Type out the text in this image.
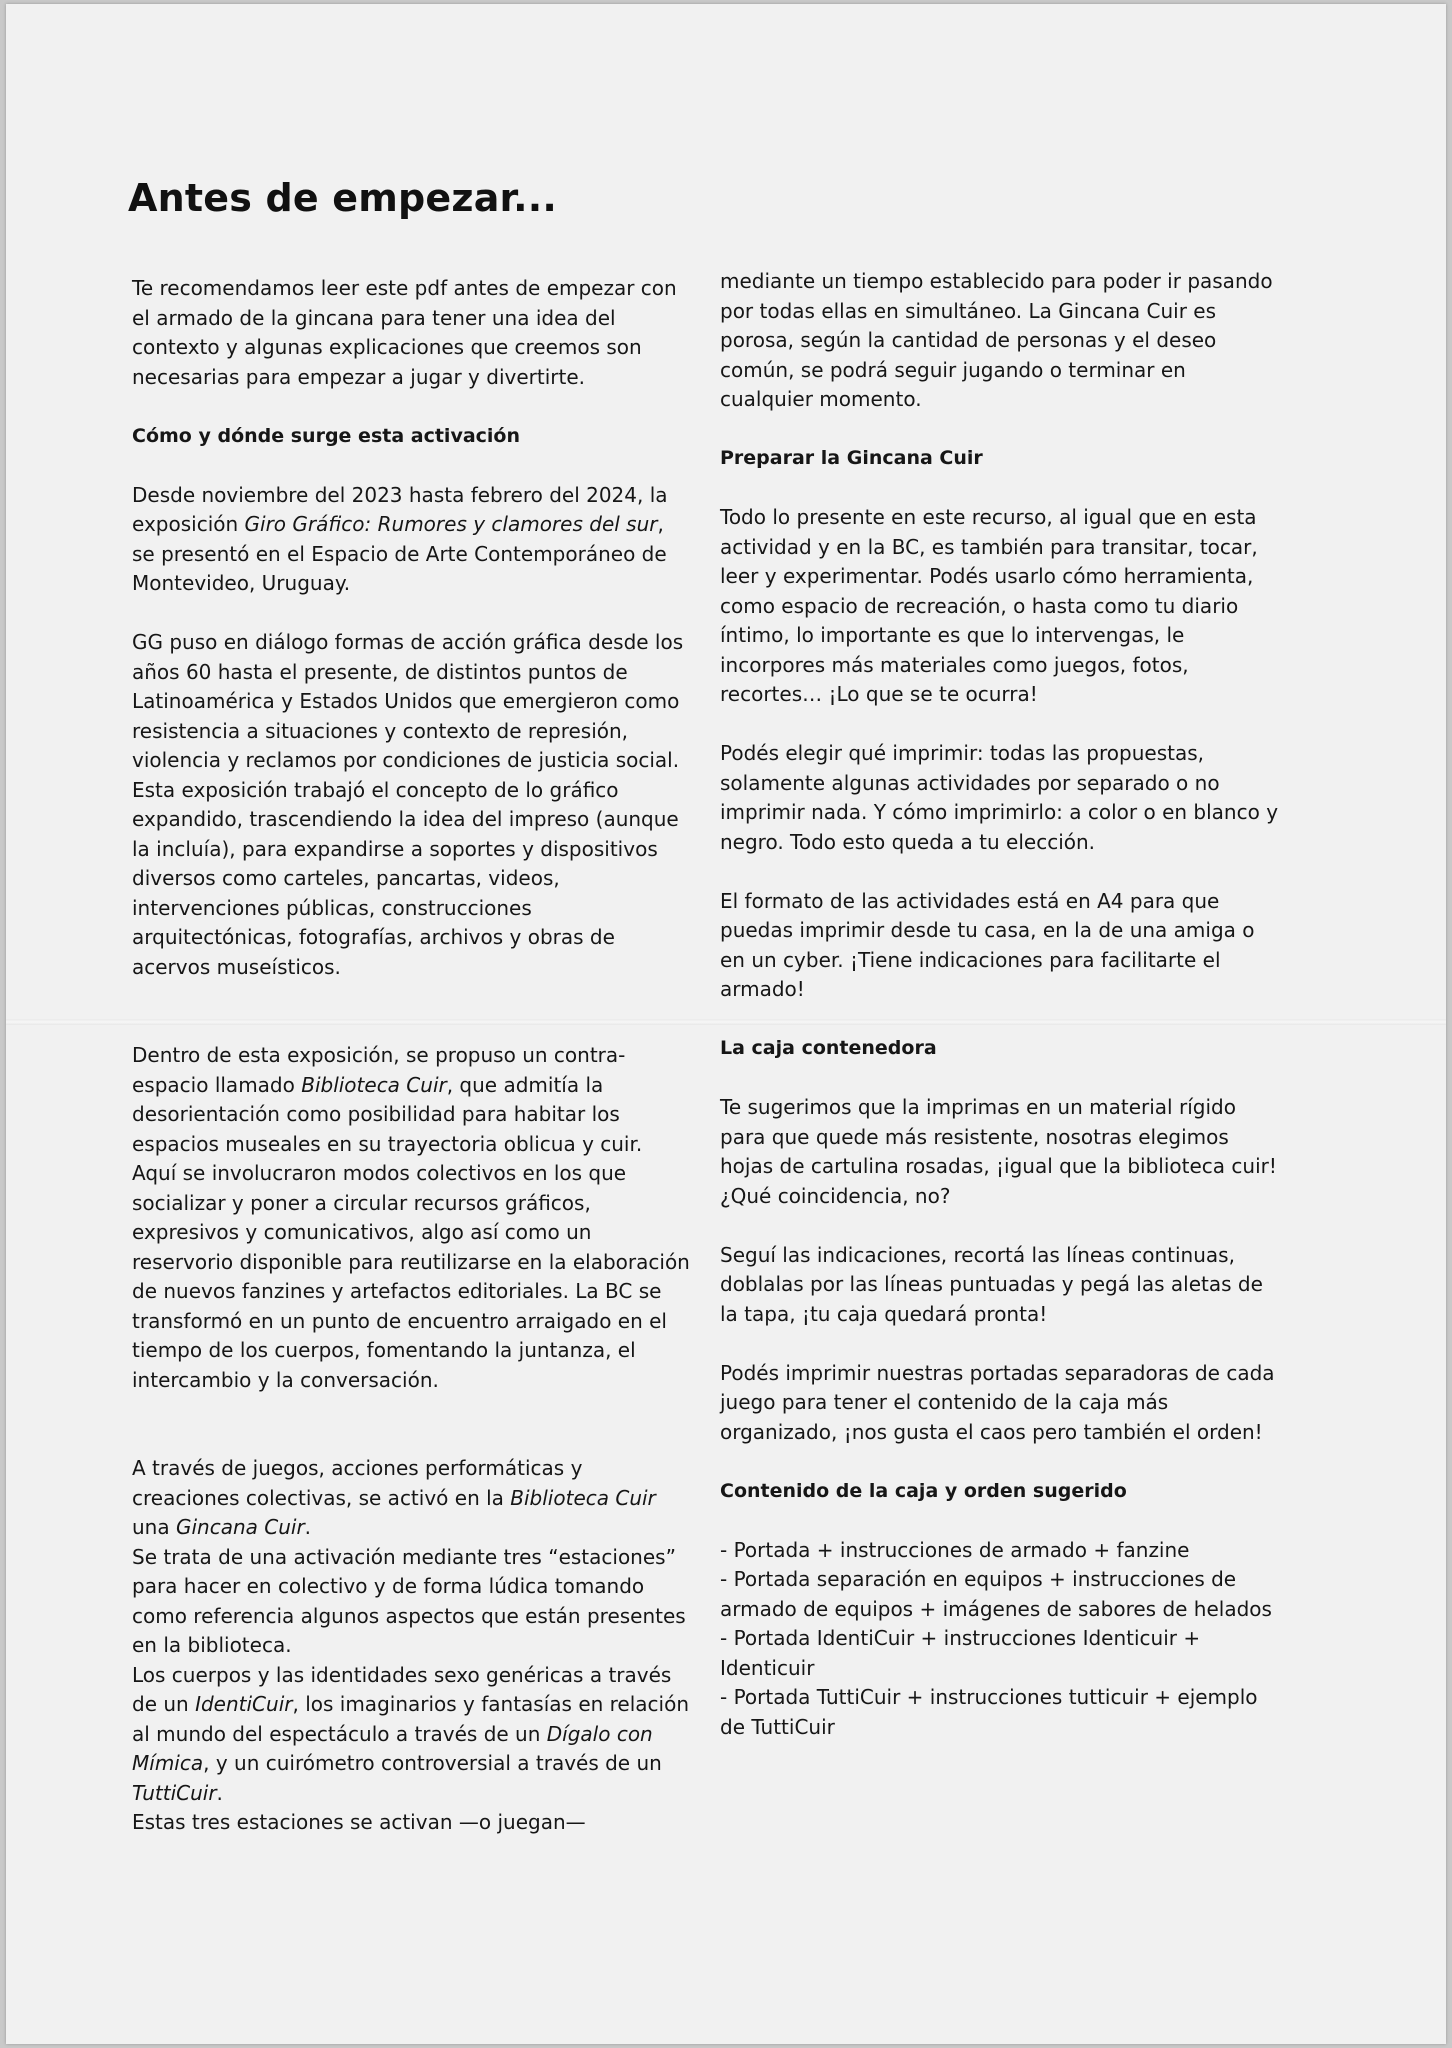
Antes de empezar...

Te recomendamos leer este pdf antes de empezar con el armado de la gincana para tener una idea del contexto y algunas explicaciones que creemos son necesarias para empezar a jugar y divertirte.

Cómo y dónde surge esta activación

Desde noviembre del 2023 hasta febrero del 2024, la exposición Giro Gráfico: Rumores y clamores del sur, se presentó en el Espacio de Arte Contemporáneo de Montevideo, Uruguay.

GG puso en diálogo formas de acción gráfica desde los años 60 hasta el presente, de distintos puntos de Latinoamérica y Estados Unidos que emergieron como resistencia a situaciones y contexto de represión, violencia y reclamos por condiciones de justicia social.

Esta exposición trabajó el concepto de lo gráfico expandido, trascendiendo la idea del impreso (aunque la incluía), para expandirse a soportes y dispositivos diversos como carteles, pancartas, videos, intervenciones públicas, construcciones arquitectónicas, fotografías, archivos y obras de acervos museísticos.

Dentro de esta exposición, se propuso un contra-espacio llamado Biblioteca Cuir, que admitía la desorientación como posibilidad para habitar los espacios museales en su trayectoria oblicua y cuir. Aquí se involucraron modos colectivos en los que socializar y poner a circular recursos gráficos, expresivos y comunicativos, algo así como un reservorio disponible para reutilizarse en la elaboración de nuevos fanzines y artefactos editoriales. La BC se transformó en un punto de encuentro arraigado en el tiempo de los cuerpos, fomentando la juntanza, el intercambio y la conversación.

A través de juegos, acciones performáticas y creaciones colectivas, se activó en la Biblioteca Cuir una Gincana Cuir.

Se trata de una activación mediante tres “estaciones” para hacer en colectivo y de forma lúdica tomando como referencia algunos aspectos que están presentes en la biblioteca.

Los cuerpos y las identidades sexo genéricas a través de un IdentiCuir, los imaginarios y fantasías en relación al mundo del espectáculo a través de un Dígalo con Mímica, y un cuirómetro controversial a través de un TuttiCuir.

Estas tres estaciones se activan —o juegan—

mediante un tiempo establecido para poder ir pasando por todas ellas en simultáneo. La Gincana Cuir es porosa, según la cantidad de personas y el deseo común, se podrá seguir jugando o terminar en cualquier momento.

Preparar la Gincana Cuir

Todo lo presente en este recurso, al igual que en esta actividad y en la BC, es también para transitar, tocar, leer y experimentar. Podés usarlo cómo herramienta, como espacio de recreación, o hasta como tu diario íntimo, lo importante es que lo intervengas, le incorpores más materiales como juegos, fotos, recortes… ¡Lo que se te ocurra!

Podés elegir qué imprimir: todas las propuestas, solamente algunas actividades por separado o no imprimir nada. Y cómo imprimirlo: a color o en blanco y negro. Todo esto queda a tu elección.

El formato de las actividades está en A4 para que puedas imprimir desde tu casa, en la de una amiga o en un cyber. ¡Tiene indicaciones para facilitarte el armado!

La caja contenedora

Te sugerimos que la imprimas en un material rígido para que quede más resistente, nosotras elegimos hojas de cartulina rosadas, ¡igual que la biblioteca cuir! ¿Qué coincidencia, no?

Seguí las indicaciones, recortá las líneas continuas, doblalas por las líneas puntuadas y pegá las aletas de la tapa, ¡tu caja quedará pronta!

Podés imprimir nuestras portadas separadoras de cada juego para tener el contenido de la caja más organizado, ¡nos gusta el caos pero también el orden!

Contenido de la caja y orden sugerido

- Portada + instrucciones de armado + fanzine

- Portada separación en equipos + instrucciones de armado de equipos + imágenes de sabores de helados

- Portada IdentiCuir + instrucciones Identicuir + Identicuir

- Portada TuttiCuir + instrucciones tutticuir + ejemplo de TuttiCuir
